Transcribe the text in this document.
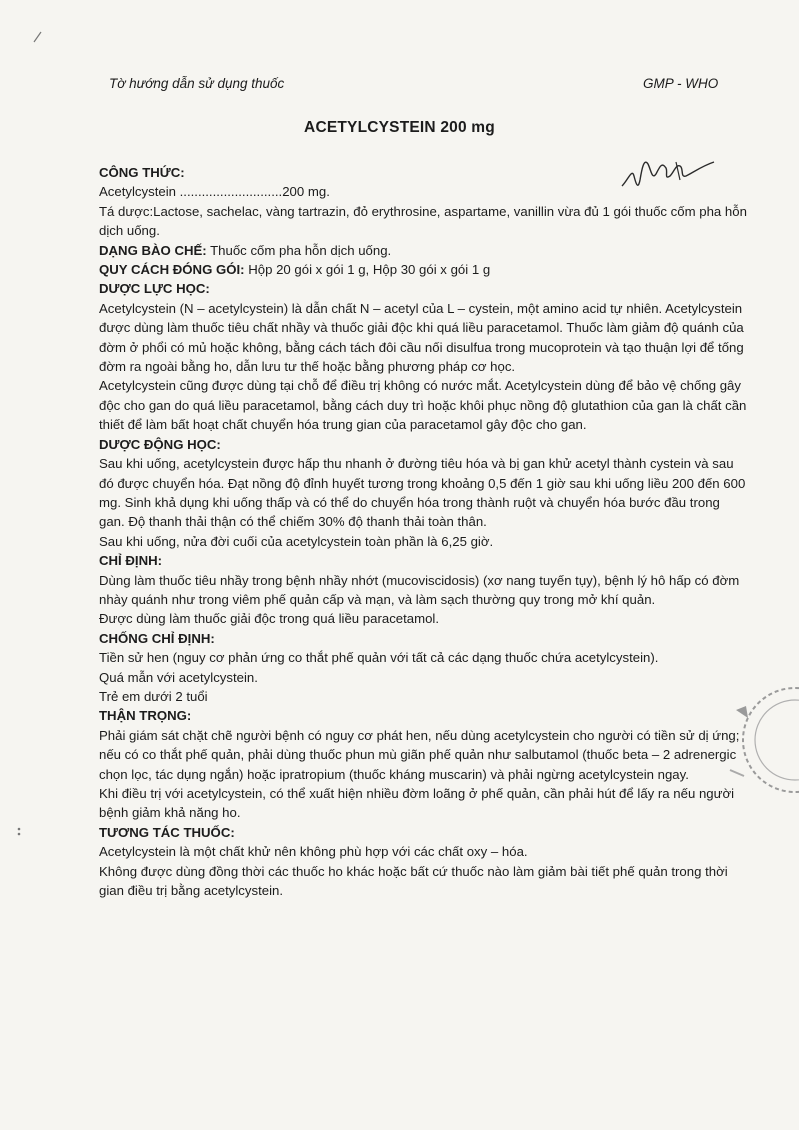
Tờ hướng dẫn sử dụng thuốc	GMP - WHO
ACETYLCYSTEIN 200 mg

CÔNG THỨC:

Acetylcystein ............................200 mg.

Tá dược:Lactose, sachelac, vàng tartrazin, đỏ erythrosine, aspartame, vanillin vừa đủ 1 gói thuốc cốm pha hỗn dịch uống.

DẠNG BÀO CHẾ: Thuốc cốm pha hỗn dịch uống.

QUY CÁCH ĐÓNG GÓI: Hộp 20 gói x gói 1 g, Hộp 30 gói x gói 1 g

DƯỢC LỰC HỌC:

Acetylcystein (N – acetylcystein) là dẫn chất N – acetyl của L – cystein, một amino acid tự nhiên. Acetylcystein được dùng làm thuốc tiêu chất nhầy và thuốc giải độc khi quá liều paracetamol. Thuốc làm giảm độ quánh của đờm ở phổi có mủ hoặc không, bằng cách tách đôi cầu nối disulfua trong mucoprotein và tạo thuận lợi để tống đờm ra ngoài bằng ho, dẫn lưu tư thế hoặc bằng phương pháp cơ học.

Acetylcystein cũng được dùng tại chỗ để điều trị không có nước mắt. Acetylcystein dùng để bảo vệ chống gây độc cho gan do quá liều paracetamol, bằng cách duy trì hoặc khôi phục nồng độ glutathion của gan là chất cần thiết để làm bất hoạt chất chuyển hóa trung gian của paracetamol gây độc cho gan.

DƯỢC ĐỘNG HỌC:

Sau khi uống, acetylcystein được hấp thu nhanh ở đường tiêu hóa và bị gan khử acetyl thành cystein và sau đó được chuyển hóa. Đạt nồng độ đỉnh huyết tương trong khoảng 0,5 đến 1 giờ sau khi uống liều 200 đến 600 mg. Sinh khả dụng khi uống thấp và có thể do chuyển hóa trong thành ruột và chuyển hóa bước đầu trong gan. Độ thanh thải thận có thể chiếm 30% độ thanh thải toàn thân.

Sau khi uống, nửa đời cuối của acetylcystein toàn phần là 6,25 giờ.

CHỈ ĐỊNH:

Dùng làm thuốc tiêu nhầy trong bệnh nhầy nhớt (mucoviscidosis) (xơ nang tuyến tụy), bệnh lý hô hấp có đờm nhày quánh như trong viêm phế quản cấp và mạn, và làm sạch thường quy trong mở khí quản.

Được dùng làm thuốc giải độc trong quá liều paracetamol.

CHỐNG CHỈ ĐỊNH:

Tiền sử hen (nguy cơ phản ứng co thắt phế quản với tất cả các dạng thuốc chứa acetylcystein).

Quá mẫn với acetylcystein.

Trẻ em dưới 2 tuổi

THẬN TRỌNG:

Phải giám sát chặt chẽ người bệnh có nguy cơ phát hen, nếu dùng acetylcystein cho người có tiền sử dị ứng; nếu có co thắt phế quản, phải dùng thuốc phun mù giãn phế quản như salbutamol (thuốc beta – 2 adrenergic chọn lọc, tác dụng ngắn) hoặc ipratropium (thuốc kháng muscarin) và phải ngừng acetylcystein ngay.

Khi điều trị với acetylcystein, có thể xuất hiện nhiều đờm loãng ở phế quản, cần phải hút để lấy ra nếu người bệnh giảm khả năng ho.

TƯƠNG TÁC THUỐC:

Acetylcystein là một chất khử nên không phù hợp với các chất oxy – hóa.

Không được dùng đồng thời các thuốc ho khác hoặc bất cứ thuốc nào làm giảm bài tiết phế quản trong thời gian điều trị bằng acetylcystein.
